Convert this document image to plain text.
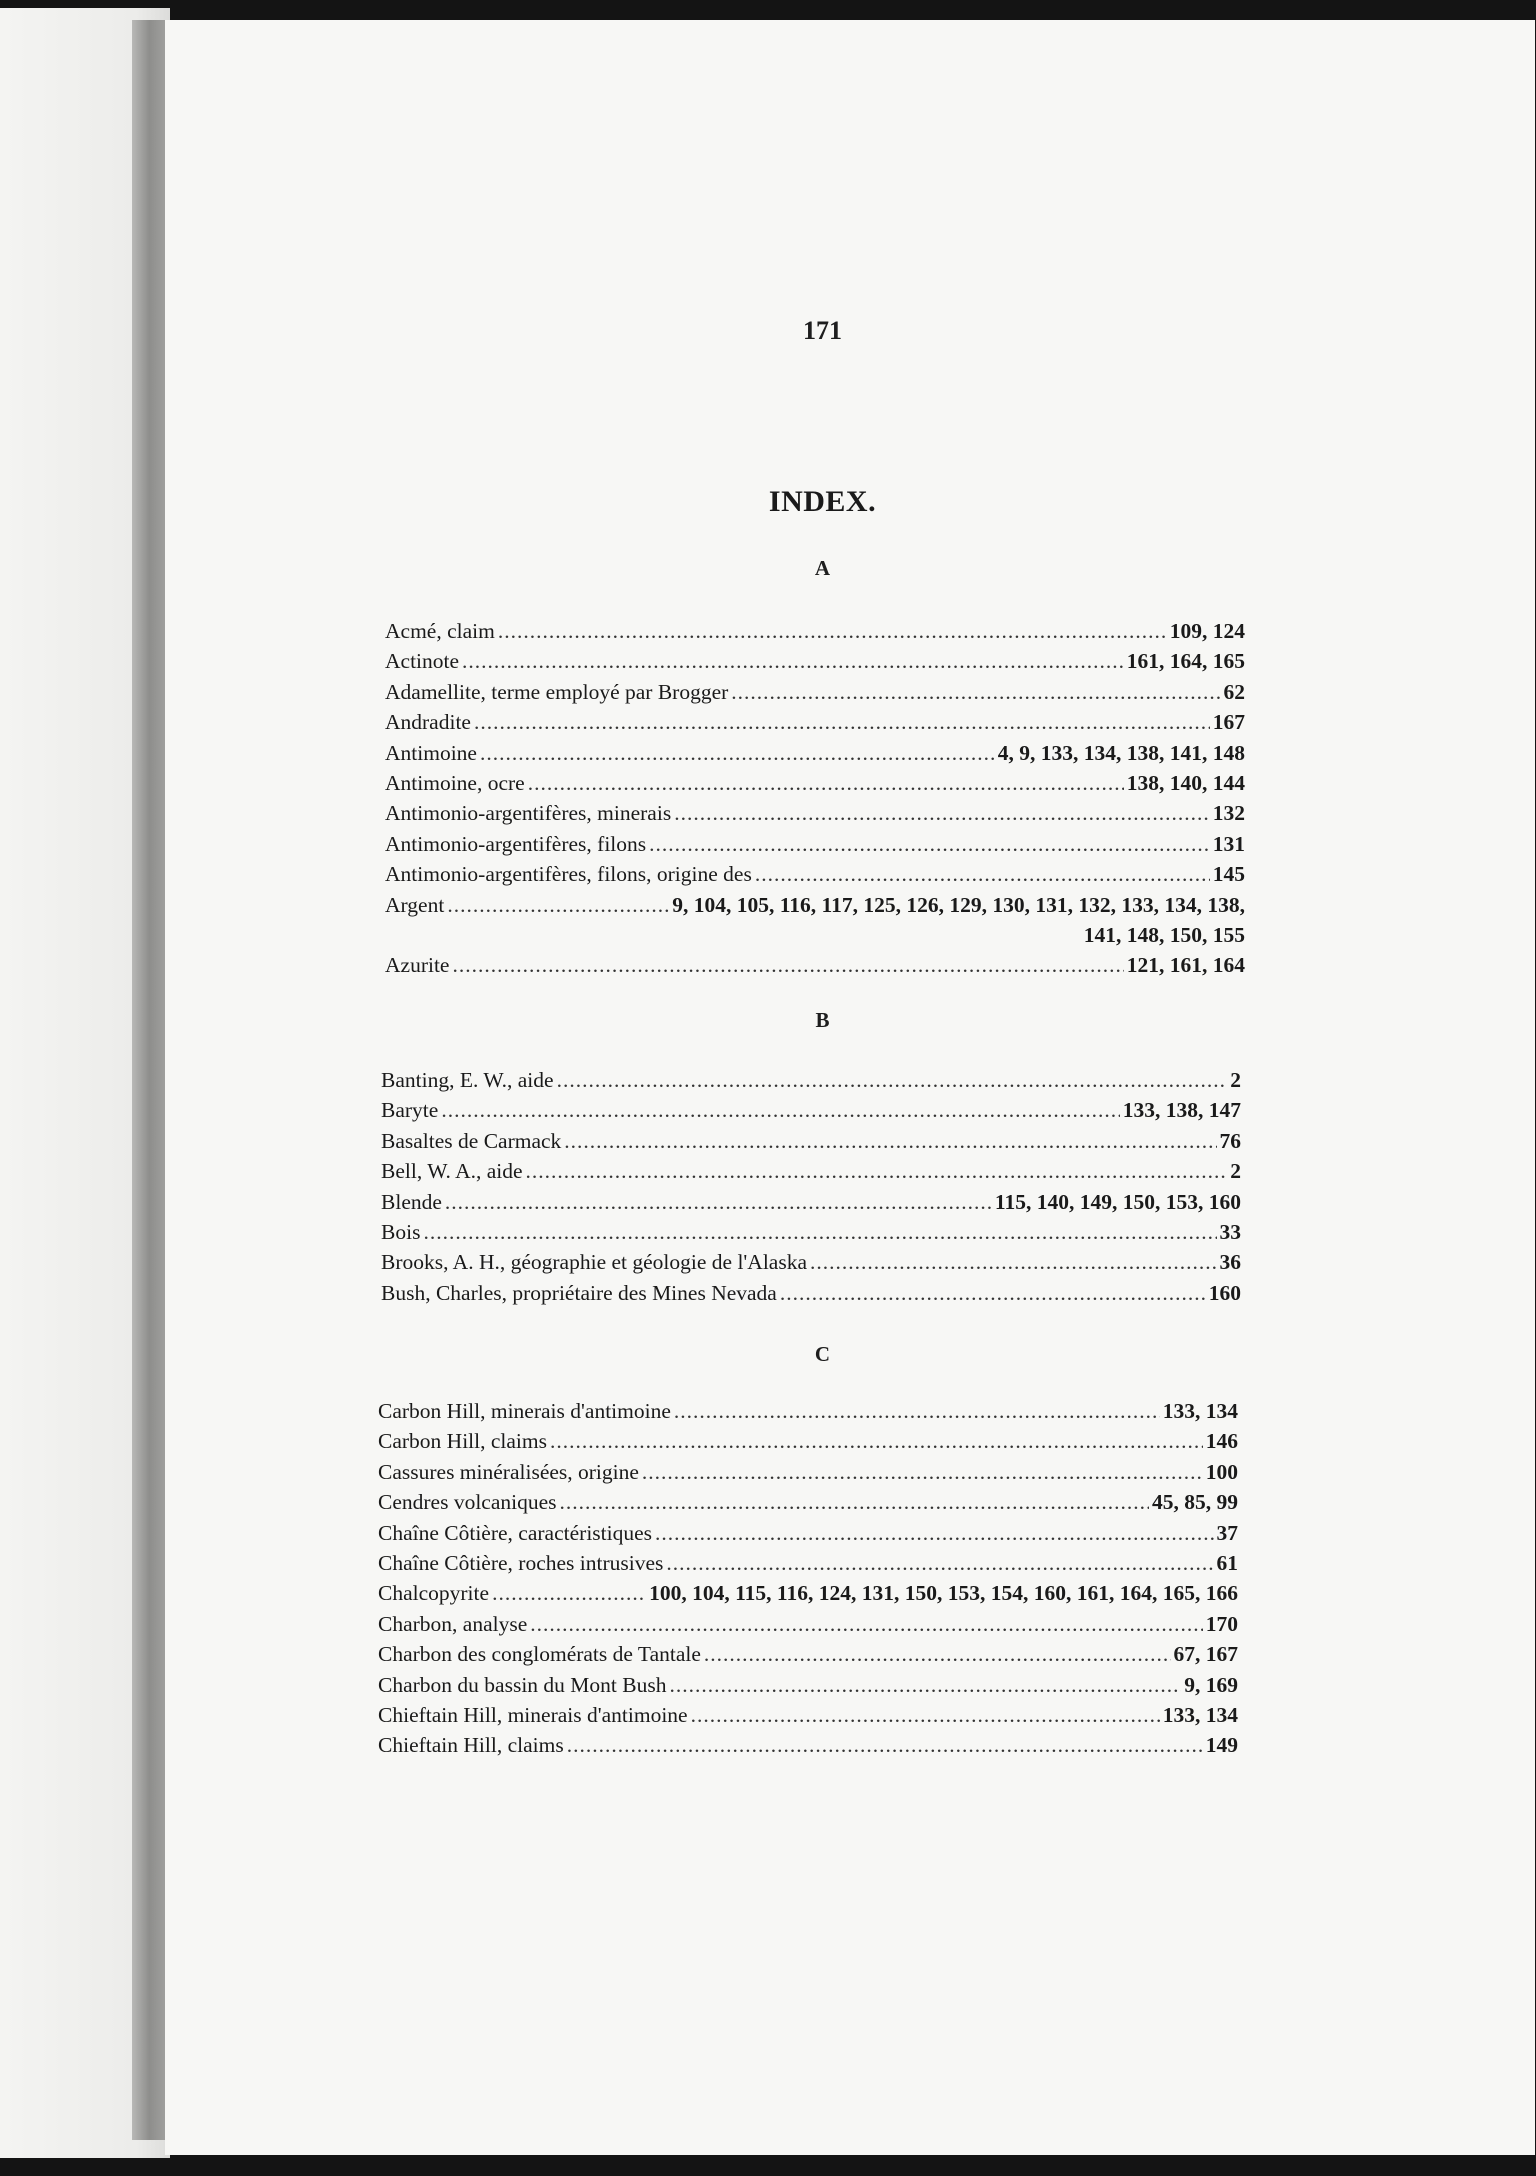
171
INDEX.
A
Acmé, claim .....	109, 124
Actinote .....	161, 164, 165
Adamellite, terme employé par Brogger .....	62
Andradite .....	167
Antimoine .....	4, 9, 133, 134, 138, 141, 148
Antimoine, ocre .....	138, 140, 144
Antimonio-argentifères, minerais .....	132
Antimonio-argentifères, filons .....	131
Antimonio-argentifères, filons, origine des .....	145
Argent .....	9, 104, 105, 116, 117, 125, 126, 129, 130, 131, 132, 133, 134, 138,
141, 148, 150, 155
Azurite .....	121, 161, 164
B
Banting, E. W., aide .....	2
Baryte .....	133, 138, 147
Basaltes de Carmack .....	76
Bell, W. A., aide .....	2
Blende .....	115, 140, 149, 150, 153, 160
Bois .....	33
Brooks, A. H., géographie et géologie de l'Alaska .....	36
Bush, Charles, propriétaire des Mines Nevada .....	160
C
Carbon Hill, minerais d'antimoine .....	133, 134
Carbon Hill, claims .....	146
Cassures minéralisées, origine .....	100
Cendres volcaniques .....	45, 85, 99
Chaîne Côtière, caractéristiques .....	37
Chaîne Côtière, roches intrusives .....	61
Chalcopyrite .....	100, 104, 115, 116, 124, 131, 150, 153, 154, 160, 161, 164, 165, 166
Charbon, analyse .....	170
Charbon des conglomérats de Tantale .....	67, 167
Charbon du bassin du Mont Bush .....	9, 169
Chieftain Hill, minerais d'antimoine .....	133, 134
Chieftain Hill, claims .....	149
